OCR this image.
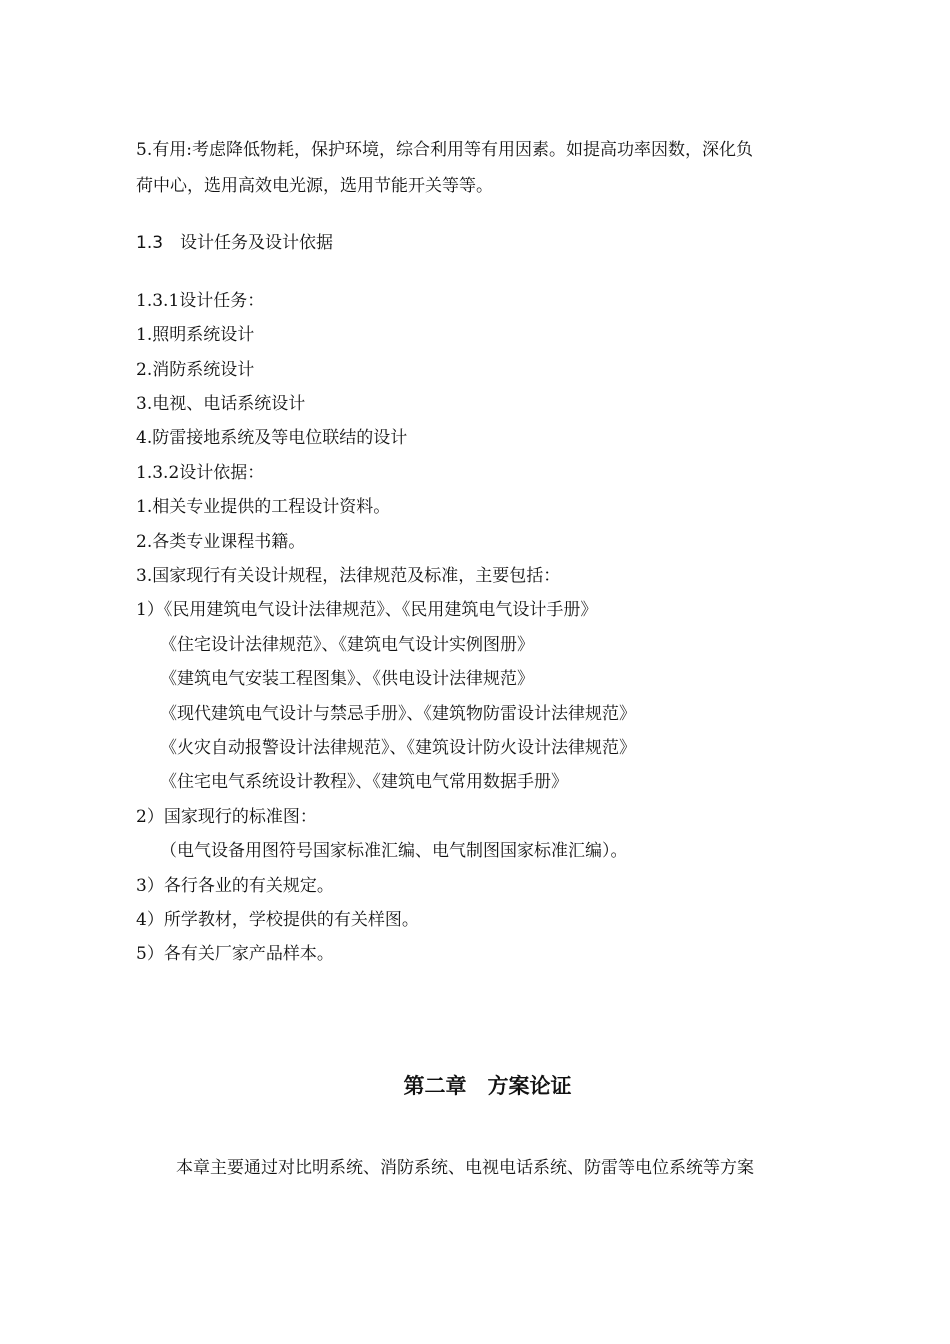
5.有用:考虑降低物耗，保护环境，综合利用等有用因素。如提高功率因数，深化负
荷中心，选用高效电光源，选用节能开关等等。
1.3　设计任务及设计依据
1.3.1设计任务：
1.照明系统设计
2.消防系统设计
3.电视、电话系统设计
4.防雷接地系统及等电位联结的设计
1.3.2设计依据：
1.相关专业提供的工程设计资料。
2.各类专业课程书籍。
3.国家现行有关设计规程，法律规范及标准，主要包括：
1）《民用建筑电气设计法律规范》、《民用建筑电气设计手册》
《住宅设计法律规范》、《建筑电气设计实例图册》
《建筑电气安装工程图集》、《供电设计法律规范》
《现代建筑电气设计与禁忌手册》、《建筑物防雷设计法律规范》
《火灾自动报警设计法律规范》、《建筑设计防火设计法律规范》
《住宅电气系统设计教程》、《建筑电气常用数据手册》
2）国家现行的标准图：
（电气设备用图符号国家标准汇编、电气制图国家标准汇编）。
3）各行各业的有关规定。
4）所学教材，学校提供的有关样图。
5）各有关厂家产品样本。
第二章　方案论证
本章主要通过对比明系统、消防系统、电视电话系统、防雷等电位系统等方案
